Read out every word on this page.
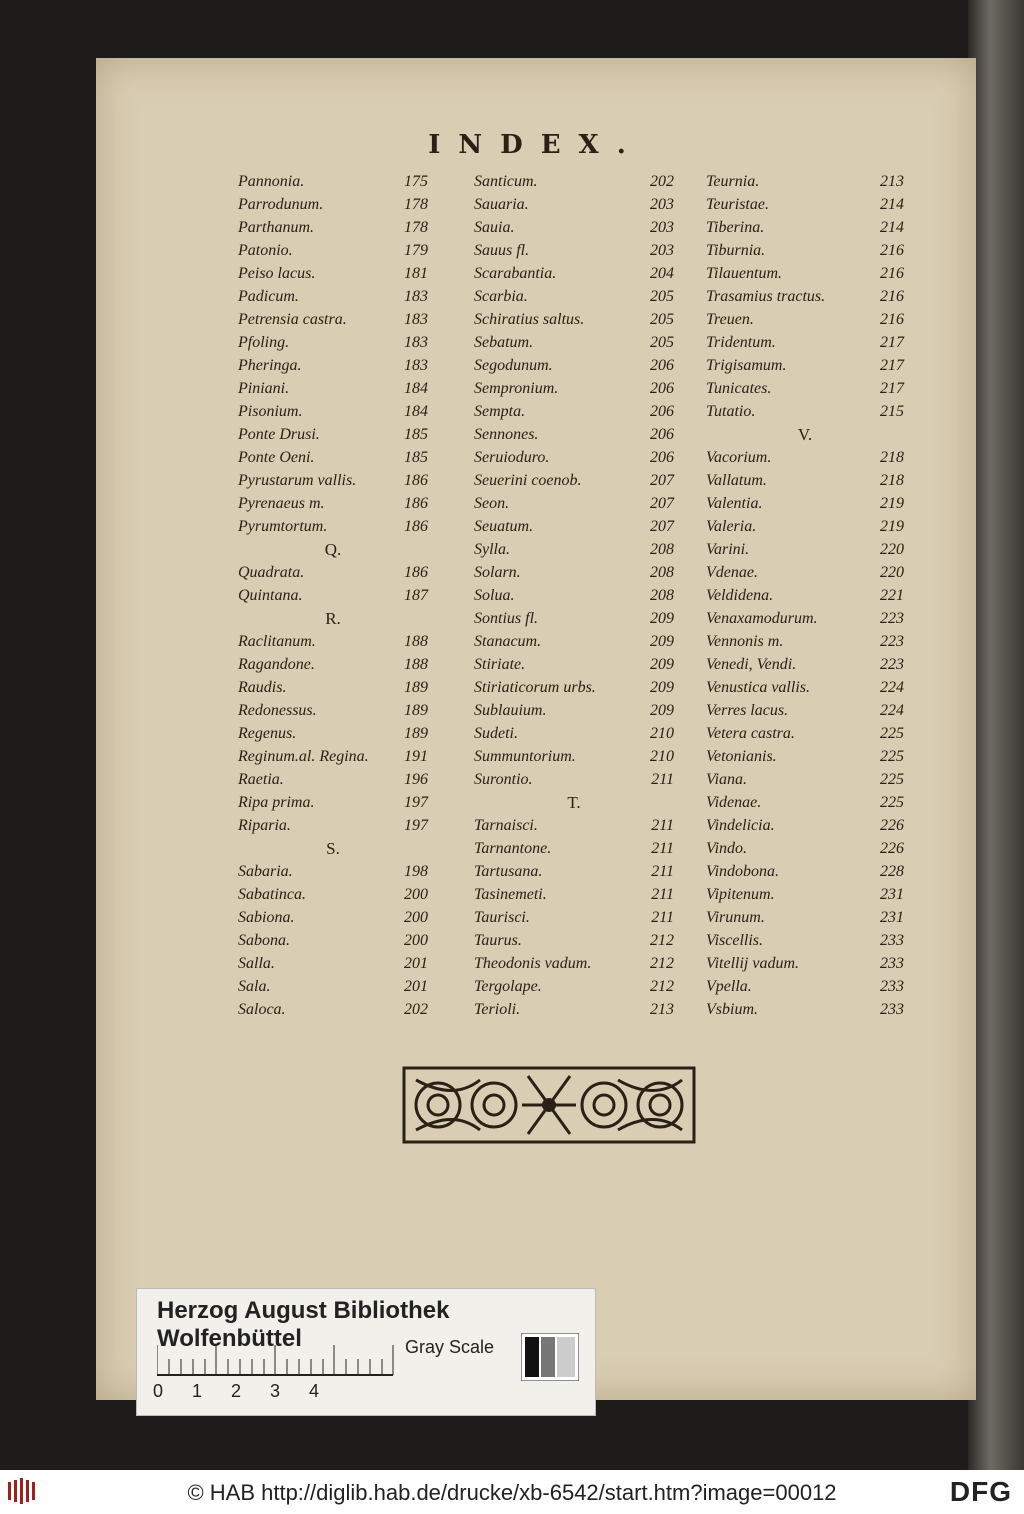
INDEX.
Pannonia.	175
Parrodunum.	178
Parthanum.	178
Patonio.	179
Peiso lacus.	181
Padicum.	183
Petrensia castra.	183
Pfoling.	183
Pheringa.	183
Piniani.	184
Pisonium.	184
Ponte Drusi.	185
Ponte Oeni.	185
Pyrustarum vallis.	186
Pyrenaeus m.	186
Pyrumtortum.	186
Q.
Quadrata.	186
Quintana.	187
R.
Raclitanum.	188
Ragandone.	188
Raudis.	189
Redonessus.	189
Regenus.	189
Reginum.al. Regina. 191
Raetia.	196
Ripa prima.	197
Riparia.	197
S.
Sabaria.	198
Sabatinca.	200
Sabiona.	200
Sabona.	200
Salla.	201
Sala.	201
Saloca.	202
Santicum.	202
Sauaria.	203
Sauia.	203
Sauus fl.	203
Scarabantia.	204
Scarbia.	205
Schiratius saltus.	205
Sebatum.	205
Segodunum.	206
Sempronium.	206
Sempta.	206
Sennones.	206
Seruioduro.	206
Seuerini coenob.	207
Seon.	207
Seuatum.	207
Sylla.	208
Solarn.	208
Solua.	208
Sontius fl.	209
Stanacum.	209
Stiriate.	209
Stiriaticorum urbs.	209
Sublauium.	209
Sudeti.	210
Summuntorium.	210
Surontio.	211
T.
Tarnaisci.	211
Tarnantone.	211
Tartusana.	211
Tasinemeti.	211
Taurisci.	211
Taurus.	212
Theodonis vadum.	212
Tergolape.	212
Terioli.	213
Teurnia.	213
Teuristae.	214
Tiberina.	214
Tiburnia.	216
Tilauentum.	216
Trasamius tractus.	216
Treuen.	216
Tridentum.	217
Trigisamum.	217
Tunicates.	217
Tutatio.	215
V.
Vacorium.	218
Vallatum.	218
Valentia.	219
Valeria.	219
Varini.	220
Vdenae.	220
Veldidena.	221
Venaxamodurum.	223
Vennonis m.	223
Venedi, Vendi.	223
Venustica vallis.	224
Verres lacus.	224
Vetera castra.	225
Vetonianis.	225
Viana.	225
Videnae.	225
Vindelicia.	226
Vindo.	226
Vindobona.	228
Vipitenum.	231
Virunum.	231
Viscellis.	233
Vitellij vadum.	233
Vpella.	233
Vsbium.	233
Herzog August Bibliothek Wolfenbüttel	Gray Scale
0 1 2 3 4
© HAB http://diglib.hab.de/drucke/xb-6542/start.htm?image=00012	DFG
